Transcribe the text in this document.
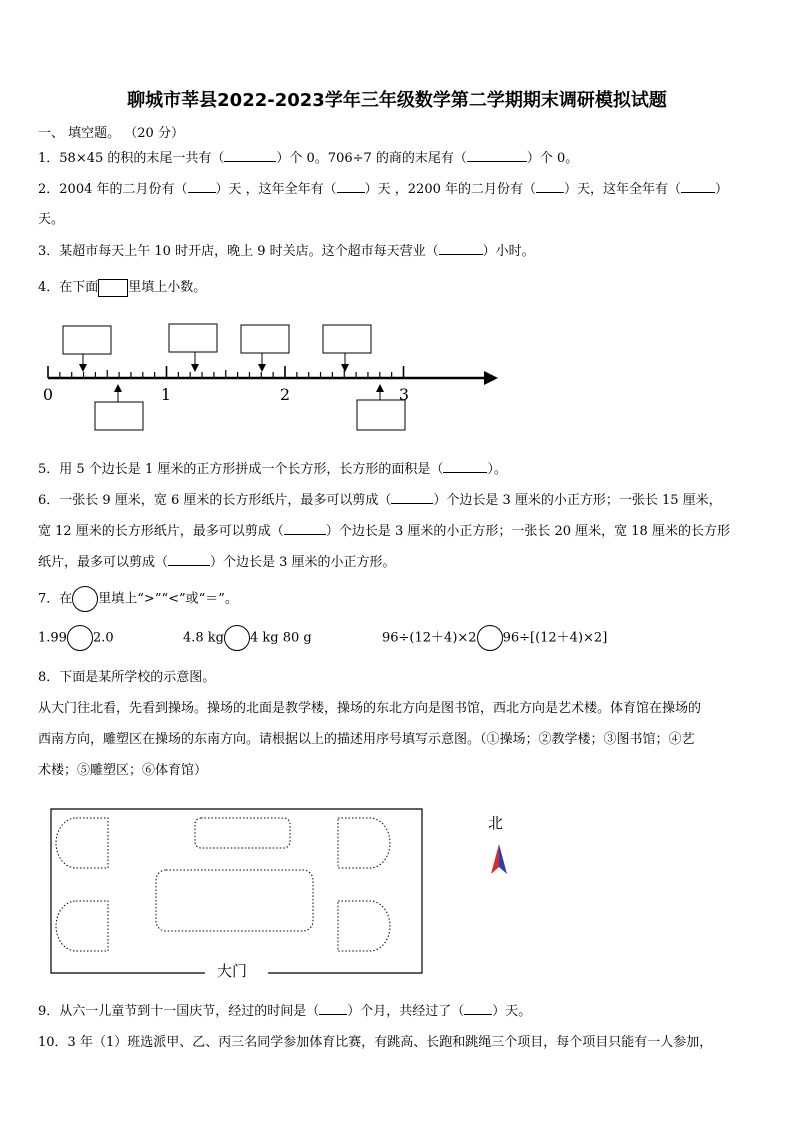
聊城市莘县2022-2023学年三年级数学第二学期期末调研模拟试题
一、 填空题。 （20 分）
1．58×45 的积的末尾一共有（	）个 0。706÷7 的商的末尾有（	）个 0。
2．2004 年的二月份有（ ）天 ，这年全年有（ ）天 ，2200 年的二月份有（ ）天，这年全年有（	）
天。
3．某超市每天上午 10 时开店，晚上 9 时关店。这个超市每天营业（	）小时。
4．在下面 里填上小数。
0	1	2	3
5．用 5 个边长是 1 厘米的正方形拼成一个长方形，长方形的面积是（	）。
6．一张长 9 厘米，宽 6 厘米的长方形纸片，最多可以剪成（	）个边长是 3 厘米的小正方形；一张长 15 厘米，
宽 12 厘米的长方形纸片，最多可以剪成（	）个边长是 3 厘米的小正方形；一张长 20 厘米，宽 18 厘米的长方形
纸片，最多可以剪成（	）个边长是 3 厘米的小正方形。
7．在 里填上“>”“<”或“＝”。
1.99 2.0	4.8 kg 4 kg 80 g	96÷(12＋4)×2 96÷[(12＋4)×2]
8．下面是某所学校的示意图。
从大门往北看，先看到操场。操场的北面是教学楼，操场的东北方向是图书馆，西北方向是艺术楼。体育馆在操场的
西南方向，雕塑区在操场的东南方向。请根据以上的描述用序号填写示意图。（①操场；②教学楼；③图书馆；④艺
术楼；⑤雕塑区；⑥体育馆）
大门
北
9．从六一儿童节到十一国庆节，经过的时间是（ ）个月，共经过了（ ）天。
10．3 年（1）班选派甲、乙、丙三名同学参加体育比赛，有跳高、长跑和跳绳三个项目，每个项目只能有一人参加，
